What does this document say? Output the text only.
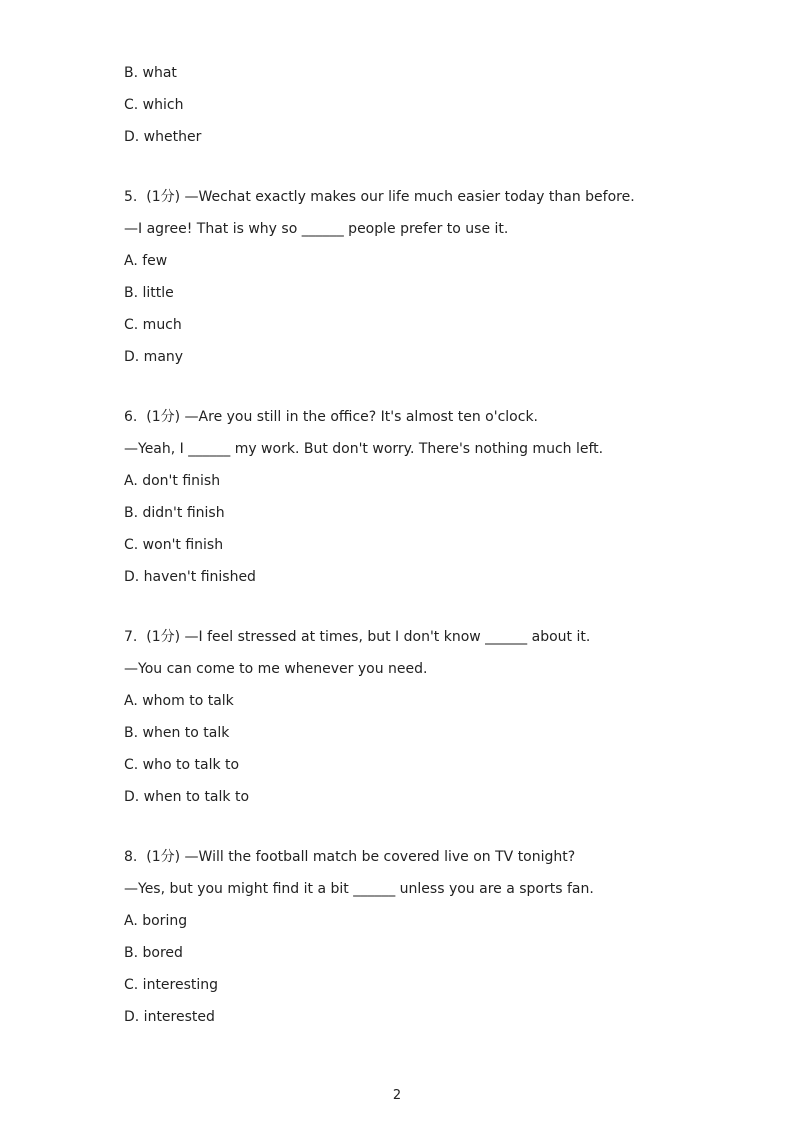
B. what
C. which
D. whether
5.  (1分) —Wechat exactly makes our life much easier today than before.
—I agree! That is why so ______ people prefer to use it.
A. few
B. little
C. much
D. many
6.  (1分) —Are you still in the office? It's almost ten o'clock.
—Yeah, I ______ my work. But don't worry. There's nothing much left.
A. don't finish
B. didn't finish
C. won't finish
D. haven't finished
7.  (1分) —I feel stressed at times, but I don't know ______ about it.
—You can come to me whenever you need.
A. whom to talk
B. when to talk
C. who to talk to
D. when to talk to
8.  (1分) —Will the football match be covered live on TV tonight?
—Yes, but you might find it a bit ______ unless you are a sports fan.
A. boring
B. bored
C. interesting
D. interested
2
